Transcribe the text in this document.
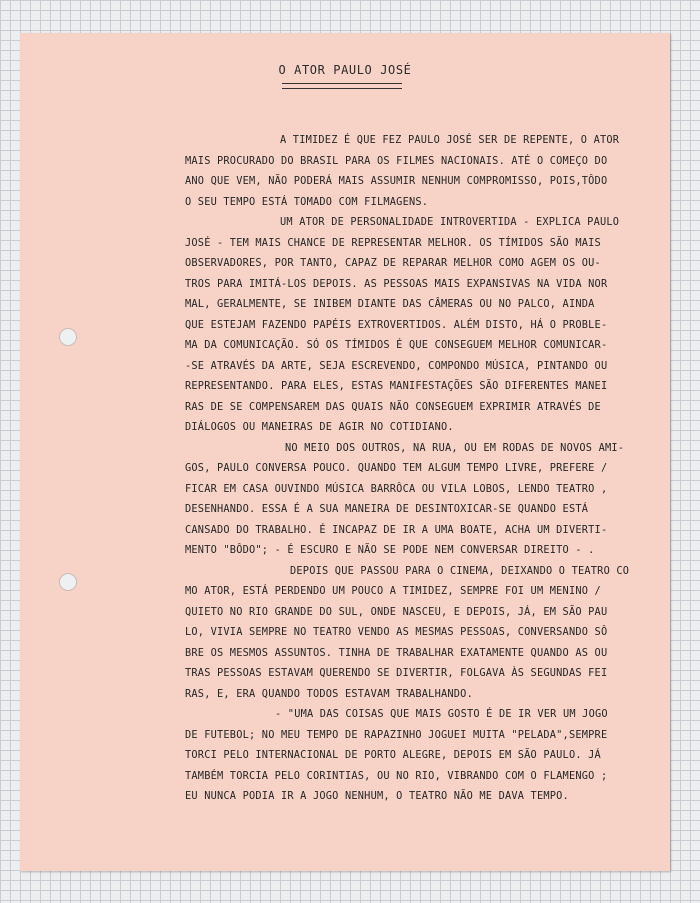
O ATOR PAULO JOSÉ
A TIMIDEZ É QUE FEZ PAULO JOSÉ SER DE REPENTE, O ATOR
MAIS PROCURADO DO BRASIL PARA OS FILMES NACIONAIS. ATÉ O COMEÇO DO
ANO QUE VEM, NÃO PODERÁ MAIS ASSUMIR NENHUM COMPROMISSO, POIS,TÔDO
O SEU TEMPO ESTÁ TOMADO COM FILMAGENS.
UM ATOR DE PERSONALIDADE INTROVERTIDA - EXPLICA PAULO
JOSÉ - TEM MAIS CHANCE DE REPRESENTAR MELHOR. OS TÍMIDOS SÃO MAIS
OBSERVADORES, POR TANTO, CAPAZ DE REPARAR MELHOR COMO AGEM OS OU-
TROS PARA IMITÁ-LOS DEPOIS. AS PESSOAS MAIS EXPANSIVAS NA VIDA NOR
MAL, GERALMENTE, SE INIBEM DIANTE DAS CÂMERAS OU NO PALCO, AINDA
QUE ESTEJAM FAZENDO PAPÉIS EXTROVERTIDOS. ALÉM DISTO, HÁ O PROBLE-
MA DA COMUNICAÇÃO. SÓ OS TÍMIDOS É QUE CONSEGUEM MELHOR COMUNICAR-
-SE ATRAVÉS DA ARTE, SEJA ESCREVENDO, COMPONDO MÚSICA, PINTANDO OU
REPRESENTANDO. PARA ELES, ESTAS MANIFESTAÇÕES SÃO DIFERENTES MANEI
RAS DE SE COMPENSAREM DAS QUAIS NÃO CONSEGUEM EXPRIMIR ATRAVÉS DE
DIÁLOGOS OU MANEIRAS DE AGIR NO COTIDIANO.
NO MEIO DOS OUTROS, NA RUA, OU EM RODAS DE NOVOS AMI-
GOS, PAULO CONVERSA POUCO. QUANDO TEM ALGUM TEMPO LIVRE, PREFERE /
FICAR EM CASA OUVINDO MÚSICA BARRÔCA OU VILA LOBOS, LENDO TEATRO ,
DESENHANDO. ESSA É A SUA MANEIRA DE DESINTOXICAR-SE QUANDO ESTÁ
CANSADO DO TRABALHO. É INCAPAZ DE IR A UMA BOATE, ACHA UM DIVERTI-
MENTO "BÔDO"; - É ESCURO E NÃO SE PODE NEM CONVERSAR DIREITO - .
DEPOIS QUE PASSOU PARA O CINEMA, DEIXANDO O TEATRO CO
MO ATOR, ESTÁ PERDENDO UM POUCO A TIMIDEZ, SEMPRE FOI UM MENINO /
QUIETO NO RIO GRANDE DO SUL, ONDE NASCEU, E DEPOIS, JÁ, EM SÃO PAU
LO, VIVIA SEMPRE NO TEATRO VENDO AS MESMAS PESSOAS, CONVERSANDO SÔ
BRE OS MESMOS ASSUNTOS. TINHA DE TRABALHAR EXATAMENTE QUANDO AS OU
TRAS PESSOAS ESTAVAM QUERENDO SE DIVERTIR, FOLGAVA ÀS SEGUNDAS FEI
RAS, E, ERA QUANDO TODOS ESTAVAM TRABALHANDO.
- "UMA DAS COISAS QUE MAIS GOSTO É DE IR VER UM JOGO
DE FUTEBOL; NO MEU TEMPO DE RAPAZINHO JOGUEI MUITA "PELADA",SEMPRE
TORCI PELO INTERNACIONAL DE PORTO ALEGRE, DEPOIS EM SÃO PAULO. JÁ
TAMBÉM TORCIA PELO CORINTIAS, OU NO RIO, VIBRANDO COM O FLAMENGO ;
EU NUNCA PODIA IR A JOGO NENHUM, O TEATRO NÃO ME DAVA TEMPO.
